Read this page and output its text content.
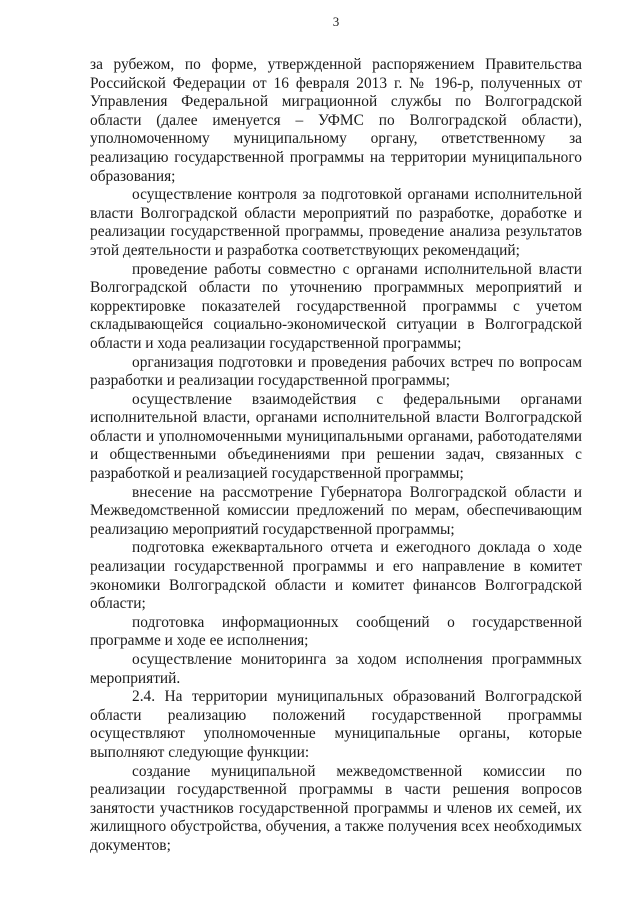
3

за рубежом, по форме, утвержденной распоряжением Правительства Российской Федерации от 16 февраля 2013 г. № 196-р, полученных от Управления Федеральной миграционной службы по Волгоградской области (далее именуется – УФМС по Волгоградской области), уполномоченному муниципальному органу, ответственному за реализацию государственной программы на территории муниципального образования;

осуществление контроля за подготовкой органами исполнительной власти Волгоградской области мероприятий по разработке, доработке и реализации государственной программы, проведение анализа результатов этой деятельности и разработка соответствующих рекомендаций;

проведение работы совместно с органами исполнительной власти Волгоградской области по уточнению программных мероприятий и корректировке показателей государственной программы с учетом складывающейся социально-экономической ситуации в Волгоградской области и хода реализации государственной программы;

организация подготовки и проведения рабочих встреч по вопросам разработки и реализации государственной программы;

осуществление взаимодействия с федеральными органами исполнительной власти, органами исполнительной власти Волгоградской области и уполномоченными муниципальными органами, работодателями и общественными объединениями при решении задач, связанных с разработкой и реализацией государственной программы;

внесение на рассмотрение Губернатора Волгоградской области и Межведомственной комиссии предложений по мерам, обеспечивающим реализацию мероприятий государственной программы;

подготовка ежеквартального отчета и ежегодного доклада о ходе реализации государственной программы и его направление в комитет экономики Волгоградской области и комитет финансов Волгоградской области;

подготовка информационных сообщений о государственной программе и ходе ее исполнения;

осуществление мониторинга за ходом исполнения программных мероприятий.

2.4. На территории муниципальных образований Волгоградской области реализацию положений государственной программы осуществляют уполномоченные муниципальные органы, которые выполняют следующие функции:

создание муниципальной межведомственной комиссии по реализации государственной программы в части решения вопросов занятости участников государственной программы и членов их семей, их жилищного обустройства, обучения, а также получения всех необходимых документов;
